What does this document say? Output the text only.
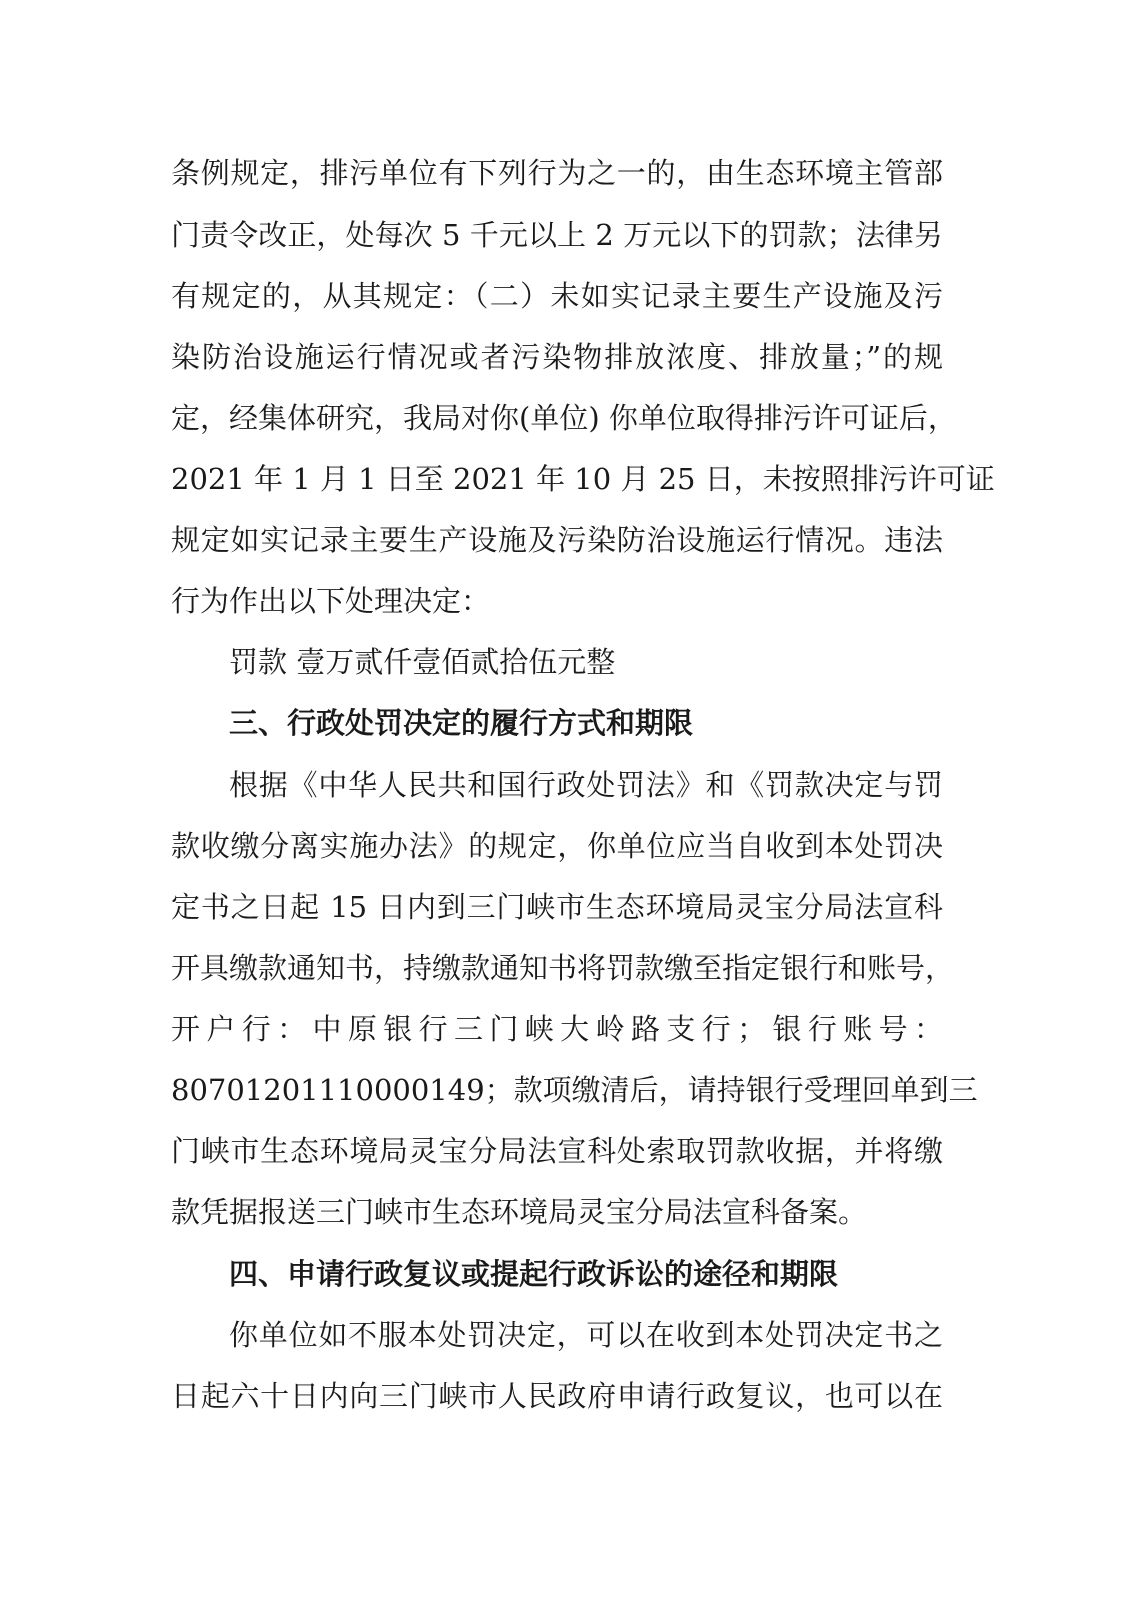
条例规定，排污单位有下列行为之一的，由生态环境主管部
门责令改正，处每次 5 千元以上 2 万元以下的罚款；法律另
有规定的，从其规定：（二）未如实记录主要生产设施及污
染防治设施运行情况或者污染物排放浓度、排放量；”的规
定，经集体研究，我局对你(单位) 你单位取得排污许可证后，
2021 年 1 月 1 日至 2021 年 10 月 25 日，未按照排污许可证
规定如实记录主要生产设施及污染防治设施运行情况。违法
行为作出以下处理决定：
罚款 壹万贰仟壹佰贰拾伍元整
三、行政处罚决定的履行方式和期限
根据《中华人民共和国行政处罚法》和《罚款决定与罚
款收缴分离实施办法》的规定，你单位应当自收到本处罚决
定书之日起 15 日内到三门峡市生态环境局灵宝分局法宣科
开具缴款通知书，持缴款通知书将罚款缴至指定银行和账号，
开户行：中原银行三门峡大岭路支行；银行账号：
80701201110000149；款项缴清后，请持银行受理回单到三
门峡市生态环境局灵宝分局法宣科处索取罚款收据，并将缴
款凭据报送三门峡市生态环境局灵宝分局法宣科备案。
四、申请行政复议或提起行政诉讼的途径和期限
你单位如不服本处罚决定，可以在收到本处罚决定书之
日起六十日内向三门峡市人民政府申请行政复议，也可以在
